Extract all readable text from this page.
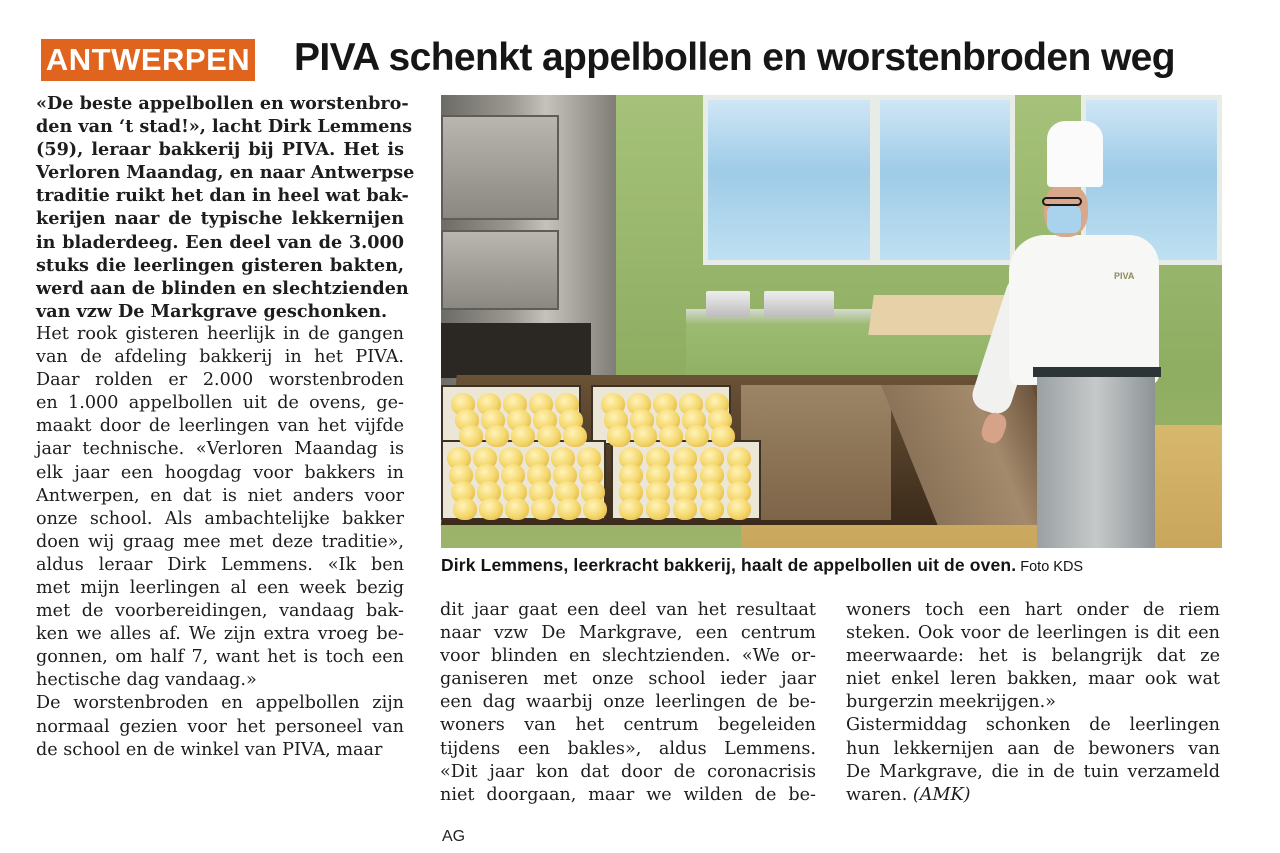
ANTWERPEN PIVA schenkt appelbollen en worstenbroden weg

«De beste appelbollen en worstenbro-
den van ‘t stad!», lacht Dirk Lemmens
(59), leraar bakkerij bij PIVA. Het is
Verloren Maandag, en naar Antwerpse
traditie ruikt het dan in heel wat bak-
kerijen naar de typische lekkernijen
in bladerdeeg. Een deel van de 3.000
stuks die leerlingen gisteren bakten,
werd aan de blinden en slechtzienden
van vzw De Markgrave geschonken.

Het rook gisteren heerlijk in de gangen
van de afdeling bakkerij in het PIVA.
Daar rolden er 2.000 worstenbroden
en 1.000 appelbollen uit de ovens, ge-
maakt door de leerlingen van het vijfde
jaar technische. «Verloren Maandag is
elk jaar een hoogdag voor bakkers in
Antwerpen, en dat is niet anders voor
onze school. Als ambachtelijke bakker
doen wij graag mee met deze traditie»,
aldus leraar Dirk Lemmens. «Ik ben
met mijn leerlingen al een week bezig
met de voorbereidingen, vandaag bak-
ken we alles af. We zijn extra vroeg be-
gonnen, om half 7, want het is toch een
hectische dag vandaag.»
De worstenbroden en appelbollen zijn
normaal gezien voor het personeel van
de school en de winkel van PIVA, maar

PIVA
Dirk Lemmens, leerkracht bakkerij, haalt de appelbollen uit de oven. Foto KDS

dit jaar gaat een deel van het resultaat
naar vzw De Markgrave, een centrum
voor blinden en slechtzienden. «We or-
ganiseren met onze school ieder jaar
een dag waarbij onze leerlingen de be-
woners van het centrum begeleiden
tijdens een bakles», aldus Lemmens.
«Dit jaar kon dat door de coronacrisis
niet doorgaan, maar we wilden de be-

AG

woners toch een hart onder de riem
steken. Ook voor de leerlingen is dit een
meerwaarde: het is belangrijk dat ze
niet enkel leren bakken, maar ook wat
burgerzin meekrijgen.»
Gistermiddag schonken de leerlingen
hun lekkernijen aan de bewoners van
De Markgrave, die in de tuin verzameld

waren. (AMK)
